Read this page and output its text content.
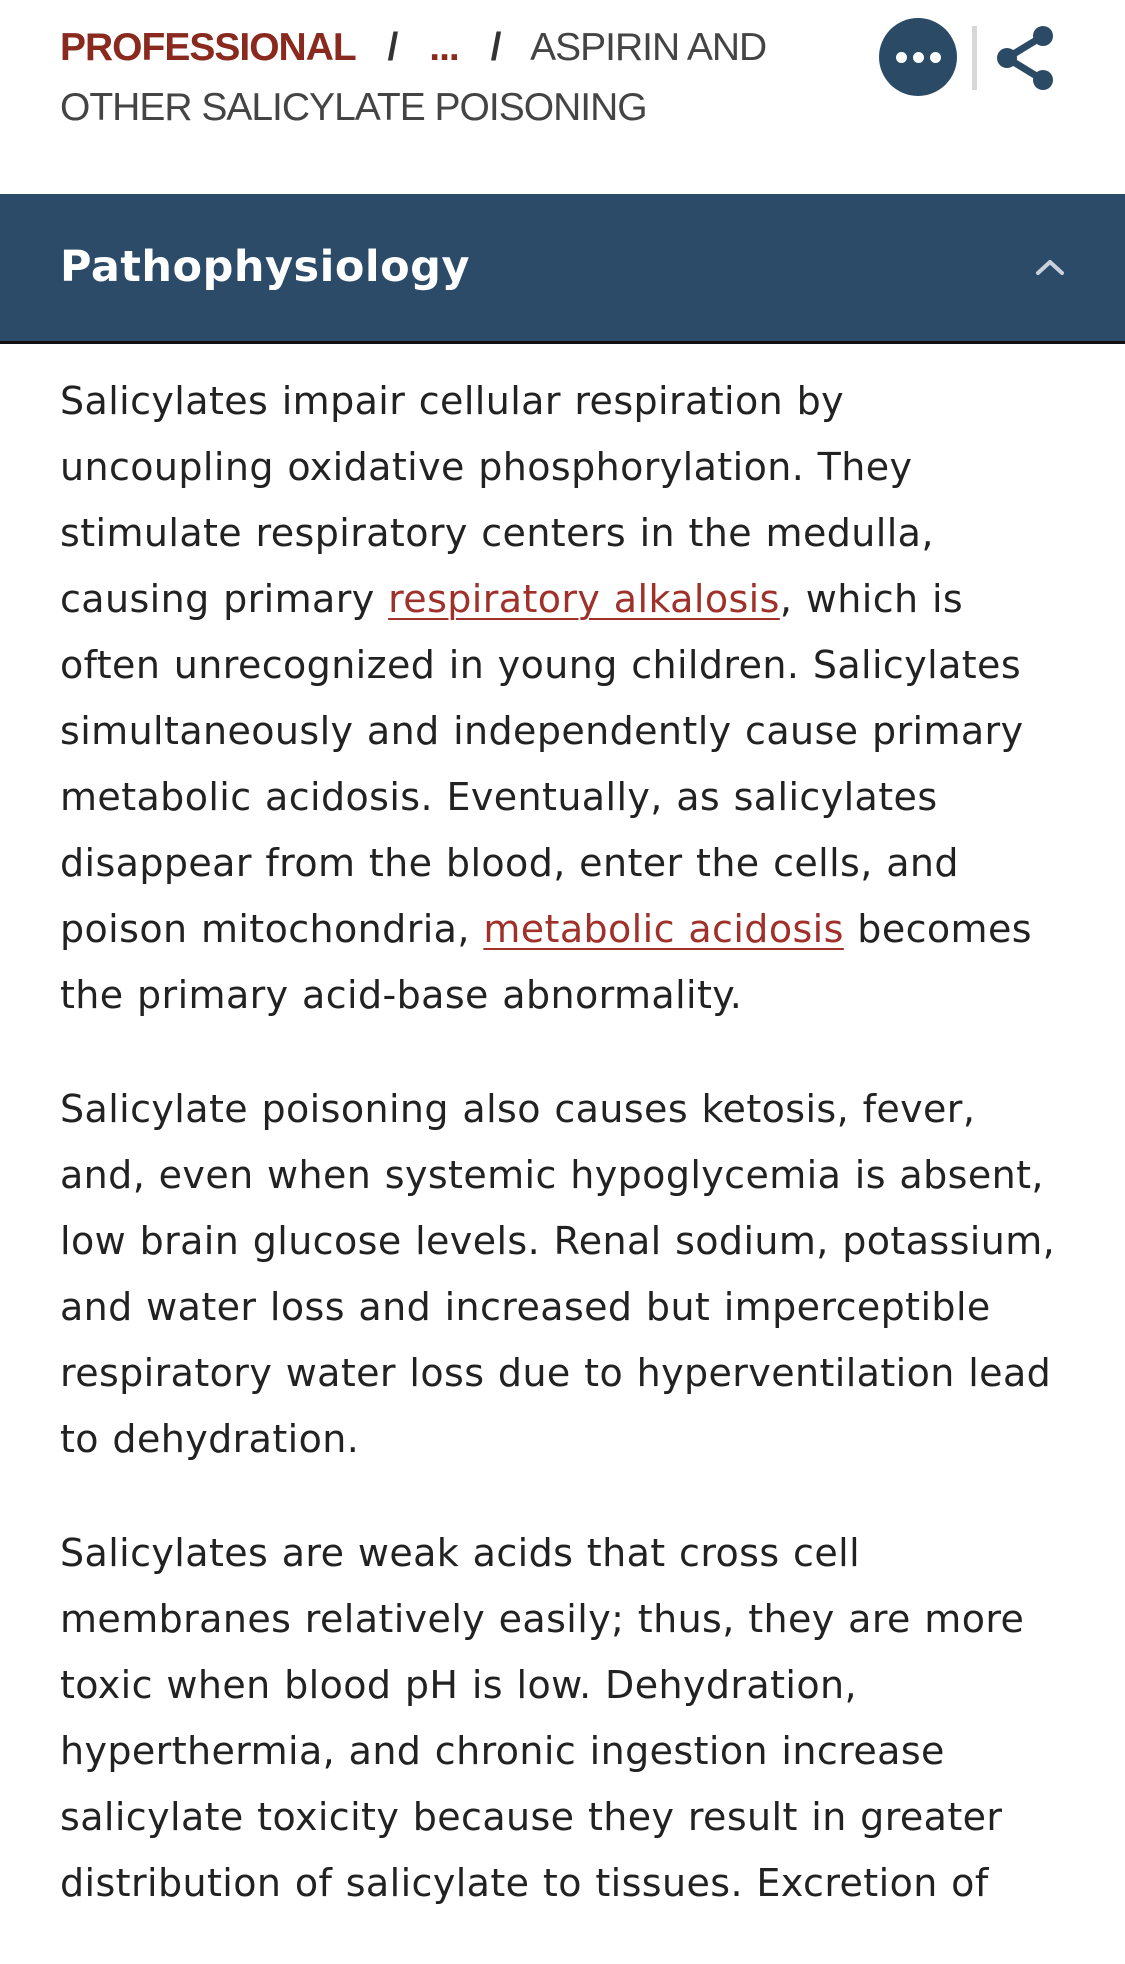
PROFESSIONAL / ... / ASPIRIN AND OTHER SALICYLATE POISONING
Pathophysiology

Salicylates impair cellular respiration by uncoupling oxidative phosphorylation. They stimulate respiratory centers in the medulla, causing primary respiratory alkalosis, which is often unrecognized in young children. Salicylates simultaneously and independently cause primary metabolic acidosis. Eventually, as salicylates disappear from the blood, enter the cells, and poison mitochondria, metabolic acidosis becomes the primary acid-base abnormality.

Salicylate poisoning also causes ketosis, fever, and, even when systemic hypoglycemia is absent, low brain glucose levels. Renal sodium, potassium, and water loss and increased but imperceptible respiratory water loss due to hyperventilation lead to dehydration.

Salicylates are weak acids that cross cell membranes relatively easily; thus, they are more toxic when blood pH is low. Dehydration, hyperthermia, and chronic ingestion increase salicylate toxicity because they result in greater distribution of salicylate to tissues. Excretion of
